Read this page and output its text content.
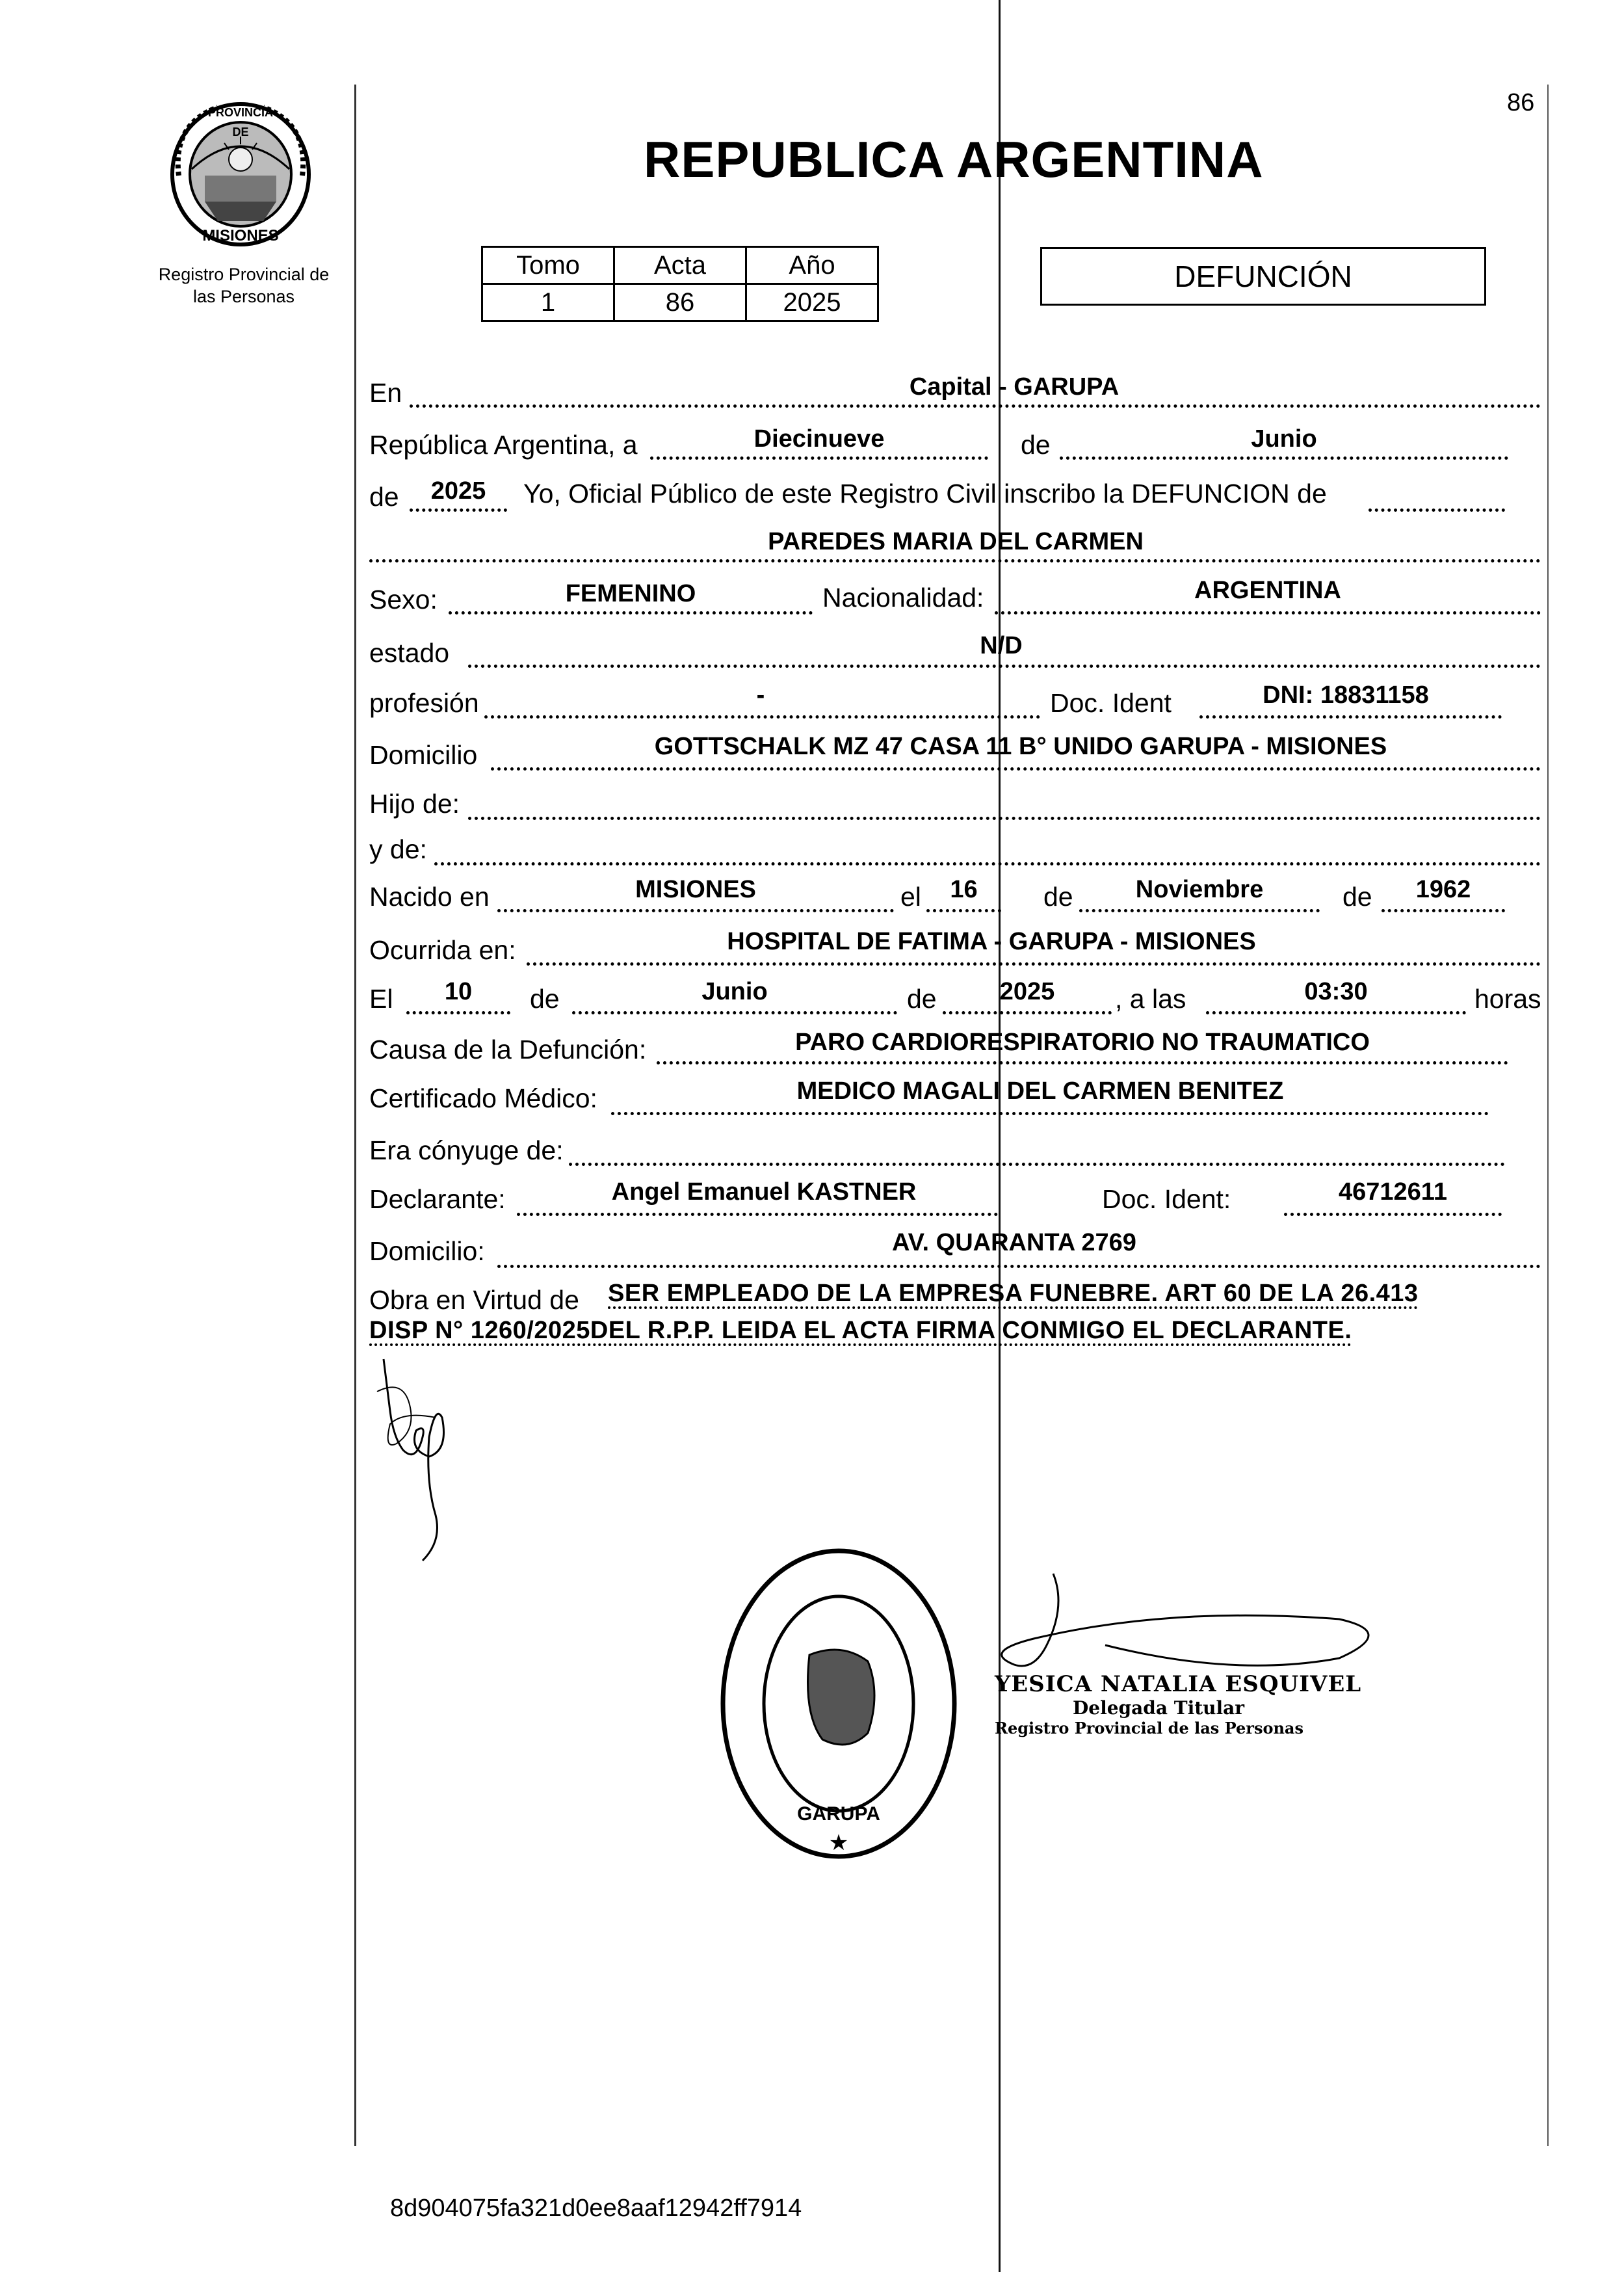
PROVINCIA DE
MISIONES
Registro Provincial de
las Personas
86
REPUBLICA ARGENTINA
Tomo	Acta	Año
1	86	2025
DEFUNCIÓN
En	Capital - GARUPA
República Argentina, a	Diecinueve	de	Junio
de	2025	Yo, Oficial Público de este Registro Civil inscribo la DEFUNCION de
PAREDES MARIA DEL CARMEN
Sexo:	FEMENINO	Nacionalidad:	ARGENTINA
estado	N/D
profesión	-	Doc. Ident	DNI: 18831158
Domicilio	GOTTSCHALK MZ 47 CASA 11 B° UNIDO GARUPA - MISIONES
Hijo de:
y de:
Nacido en	MISIONES	el	16	de	Noviembre	de	1962
Ocurrida en:	HOSPITAL DE FATIMA - GARUPA - MISIONES
El	10	de	Junio	de	2025	, a las	03:30	horas
Causa de la Defunción:	PARO CARDIORESPIRATORIO NO TRAUMATICO
Certificado Médico:	MEDICO MAGALI DEL CARMEN BENITEZ
Era cónyuge de:
Declarante:	Angel Emanuel KASTNER	Doc. Ident:	46712611
Domicilio:	AV. QUARANTA 2769
Obra en Virtud de SER EMPLEADO DE LA EMPRESA FUNEBRE. ART 60 DE LA 26.413
DISP N° 1260/2025DEL R.P.P. LEIDA EL ACTA FIRMA CONMIGO EL DECLARANTE.
★
GARUPA
YESICA NATALIA ESQUIVEL
Delegada Titular
Registro Provincial de las Personas
8d904075fa321d0ee8aaf12942ff7914
